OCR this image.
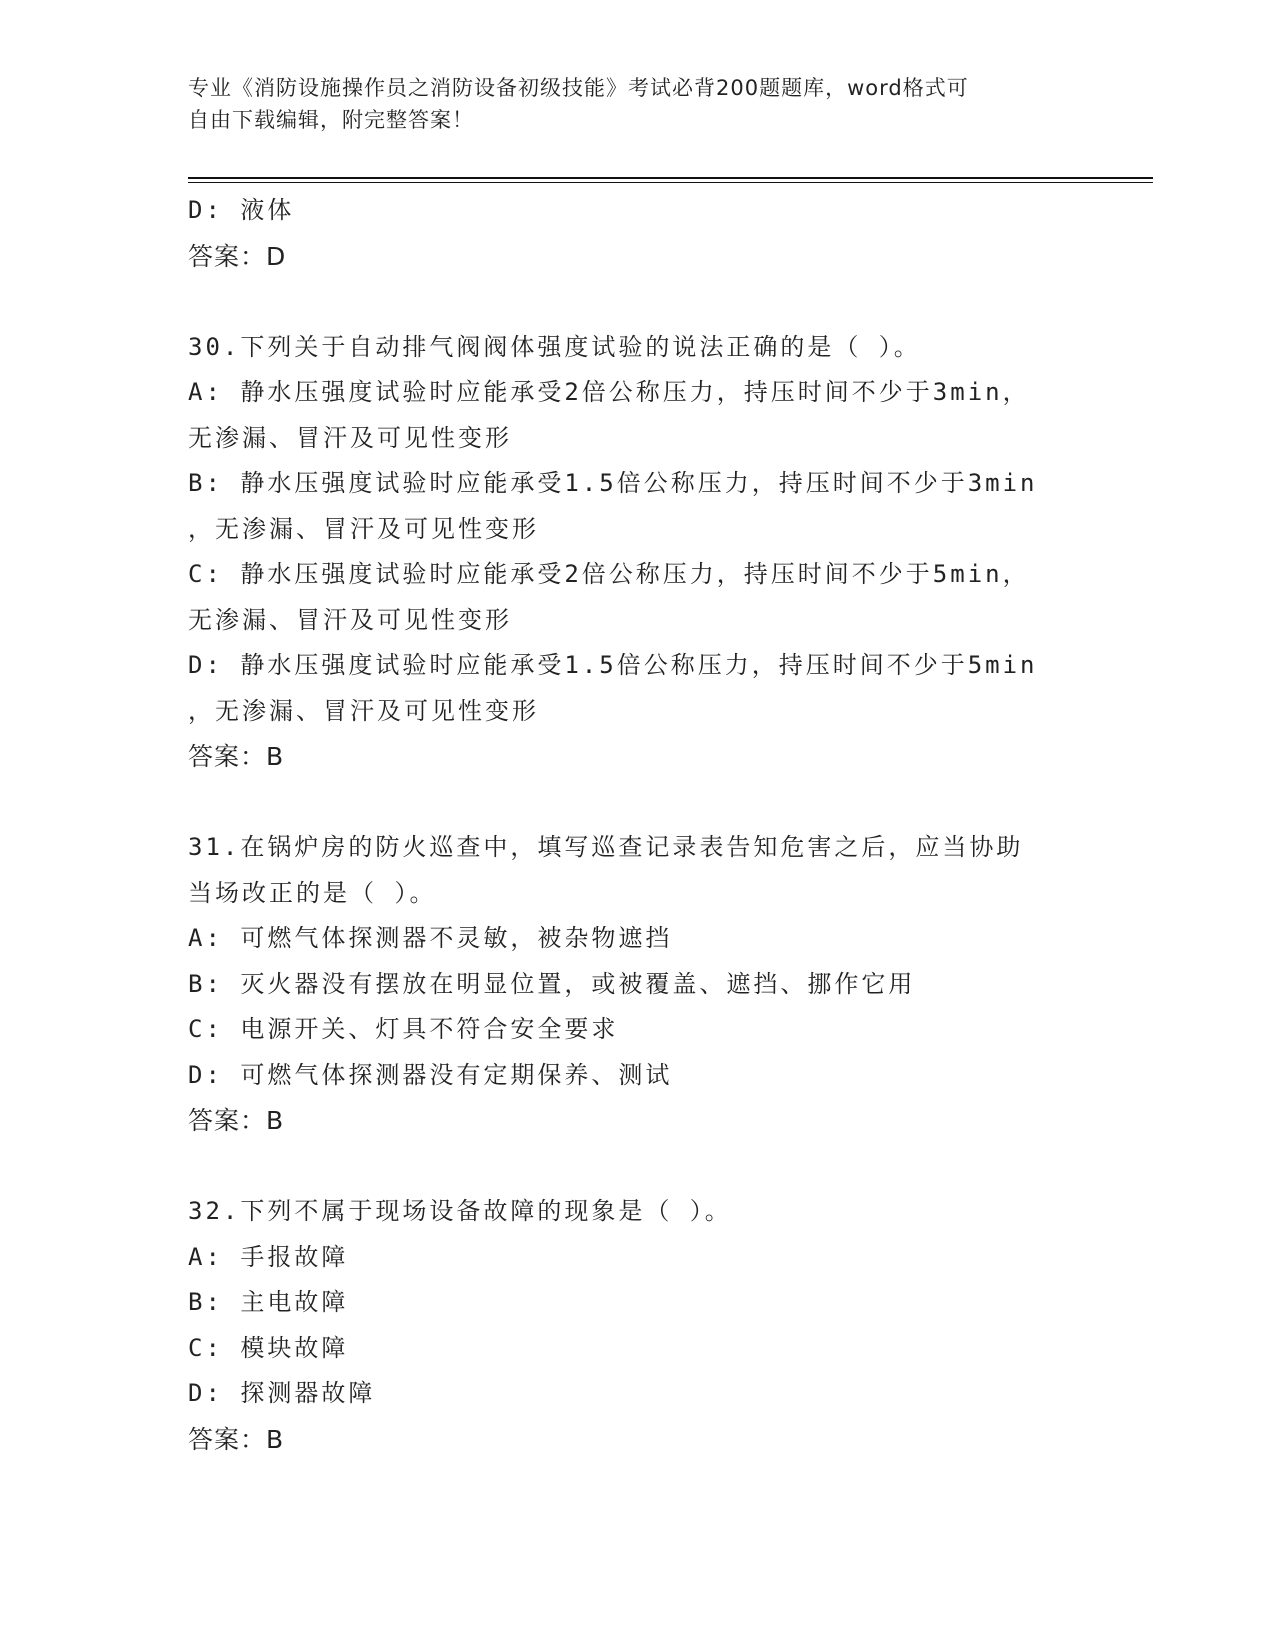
专业《消防设施操作员之消防设备初级技能》考试必背200题题库，word格式可
自由下载编辑，附完整答案！
D: 液体
答案：D
30.下列关于自动排气阀阀体强度试验的说法正确的是（ ）。
A: 静水压强度试验时应能承受2倍公称压力，持压时间不少于3min，
无渗漏、冒汗及可见性变形
B: 静水压强度试验时应能承受1.5倍公称压力，持压时间不少于3min
，无渗漏、冒汗及可见性变形
C: 静水压强度试验时应能承受2倍公称压力，持压时间不少于5min，
无渗漏、冒汗及可见性变形
D: 静水压强度试验时应能承受1.5倍公称压力，持压时间不少于5min
，无渗漏、冒汗及可见性变形
答案：B
31.在锅炉房的防火巡查中，填写巡查记录表告知危害之后，应当协助
当场改正的是（ ）。
A: 可燃气体探测器不灵敏，被杂物遮挡
B: 灭火器没有摆放在明显位置，或被覆盖、遮挡、挪作它用
C: 电源开关、灯具不符合安全要求
D: 可燃气体探测器没有定期保养、测试
答案：B
32.下列不属于现场设备故障的现象是（ ）。
A: 手报故障
B: 主电故障
C: 模块故障
D: 探测器故障
答案：B
